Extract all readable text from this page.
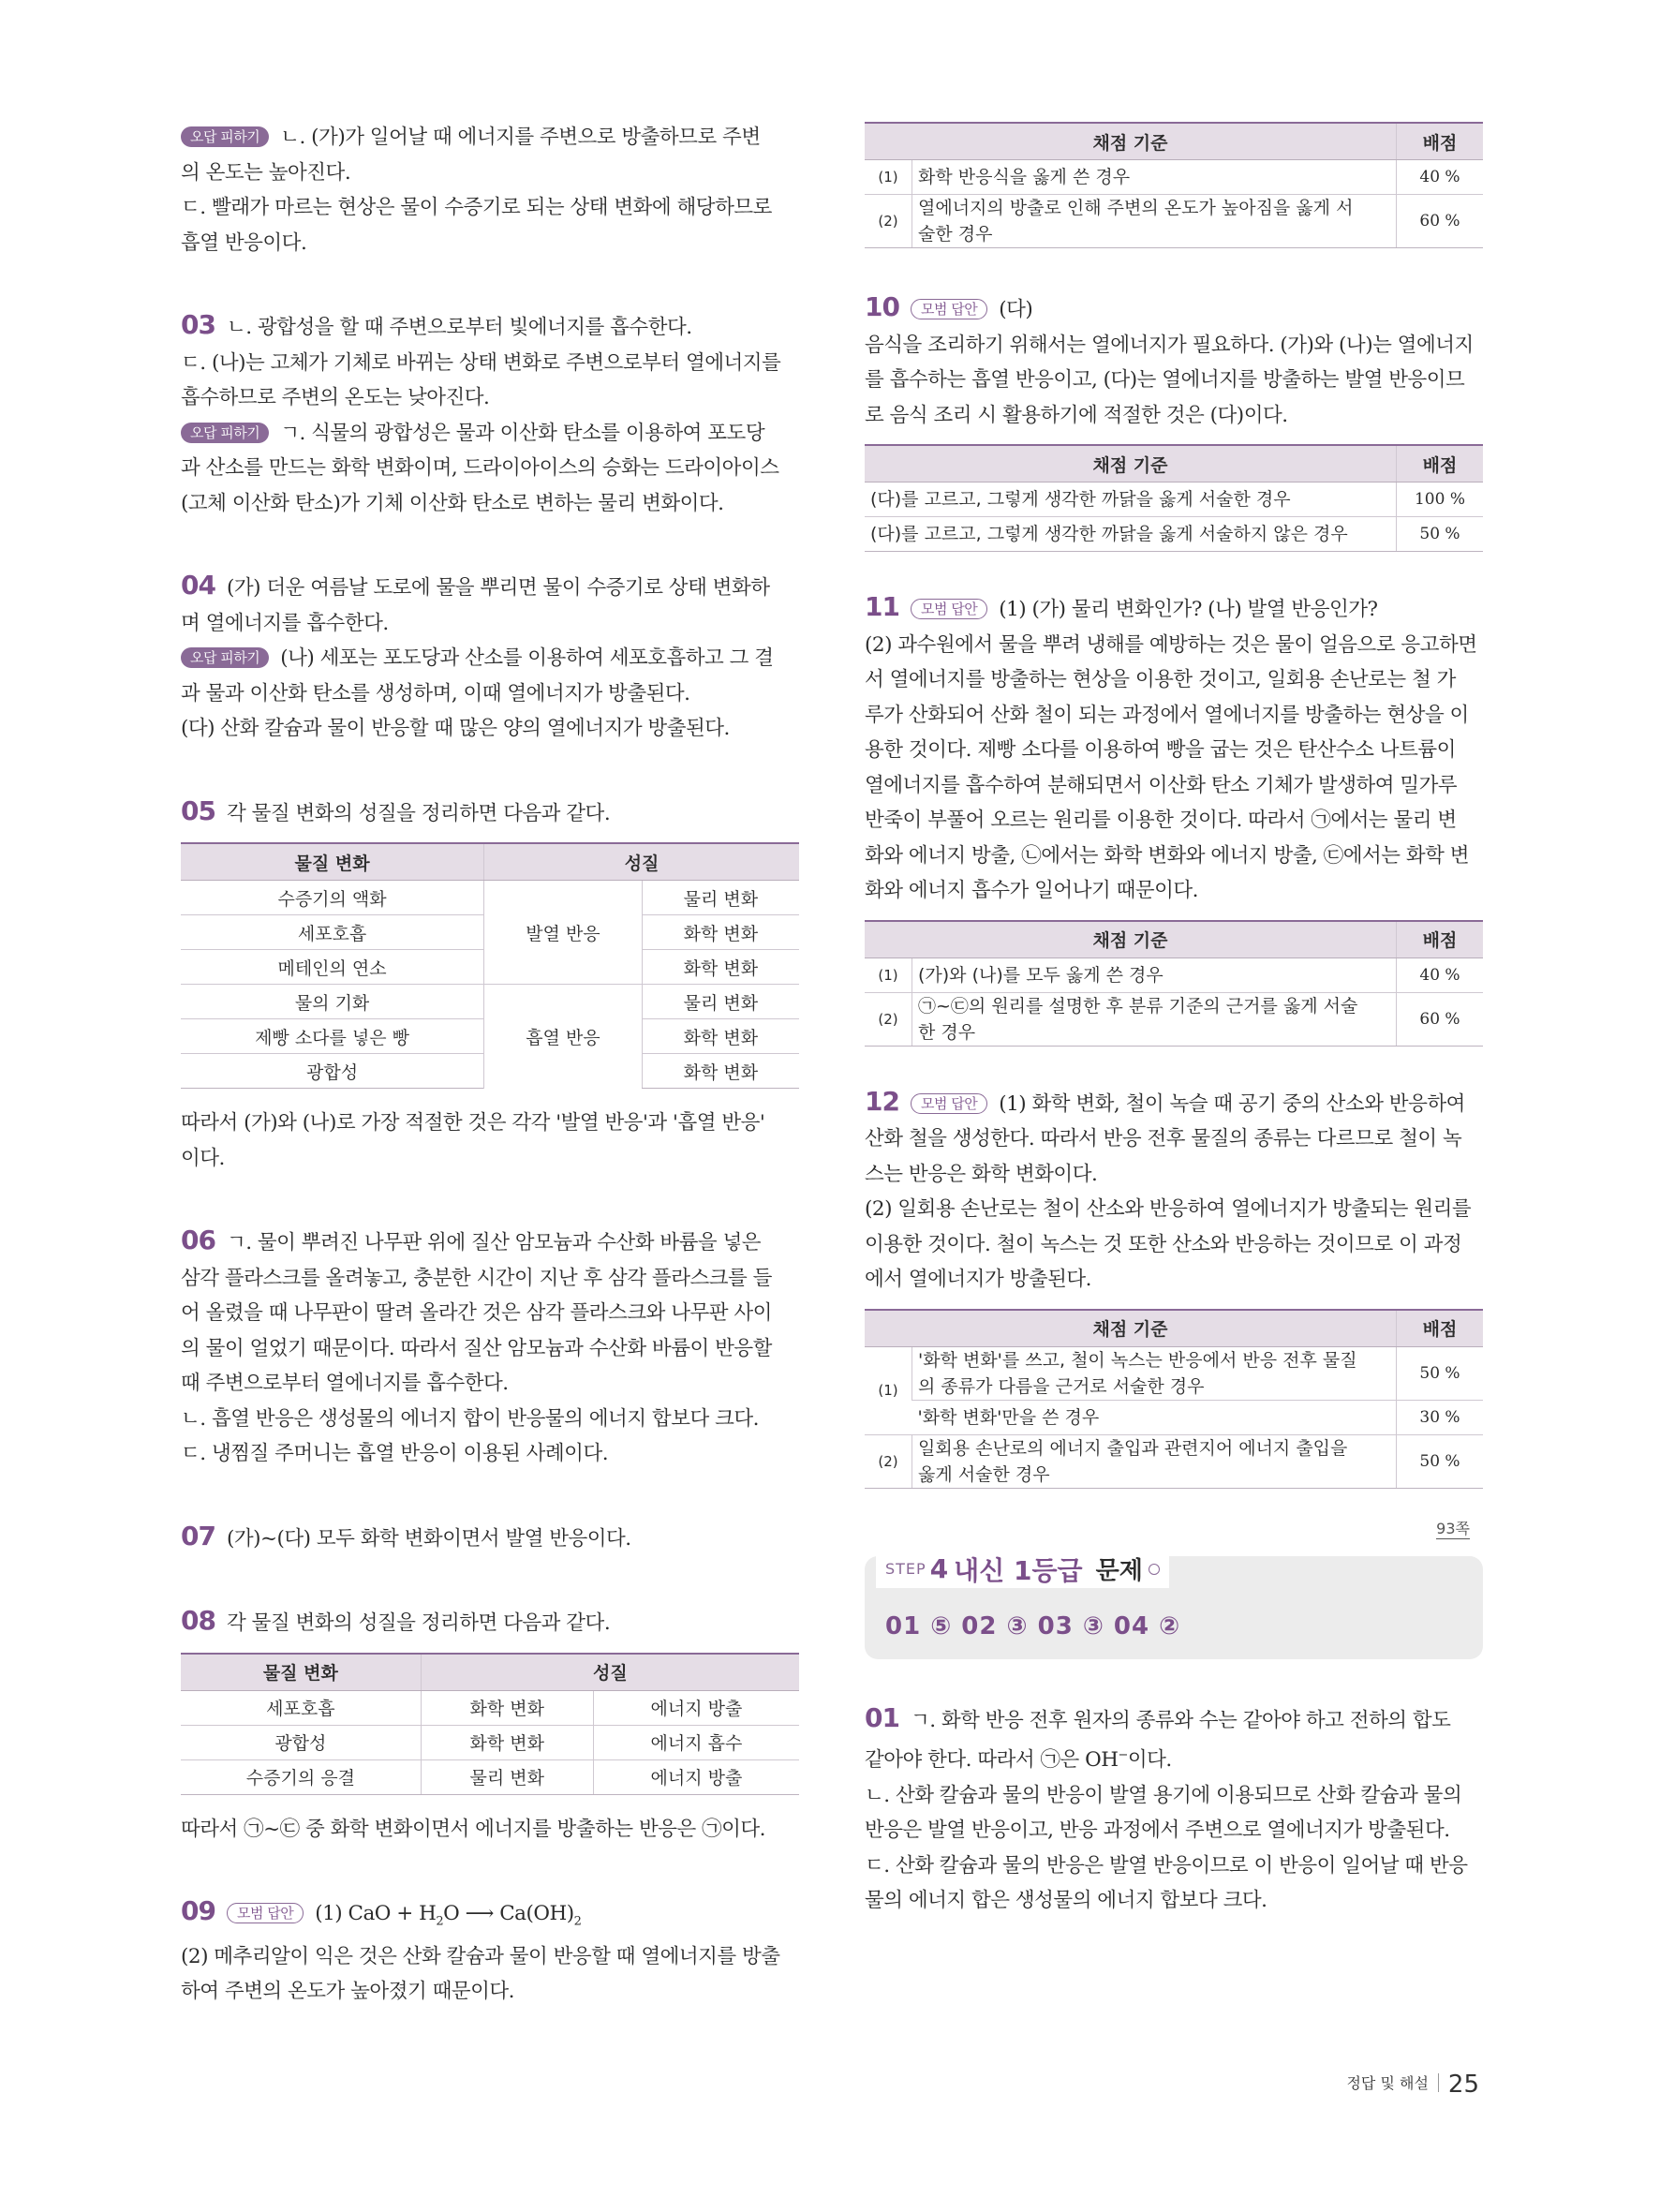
오답 피하기 ㄴ. (가)가 일어날 때 에너지를 주변으로 방출하므로 주변

의 온도는 높아진다.

ㄷ. 빨래가 마르는 현상은 물이 수증기로 되는 상태 변화에 해당하므로

흡열 반응이다.

03 ㄴ. 광합성을 할 때 주변으로부터 빛에너지를 흡수한다.

ㄷ. (나)는 고체가 기체로 바뀌는 상태 변화로 주변으로부터 열에너지를

흡수하므로 주변의 온도는 낮아진다.

오답 피하기 ㄱ. 식물의 광합성은 물과 이산화 탄소를 이용하여 포도당

과 산소를 만드는 화학 변화이며, 드라이아이스의 승화는 드라이아이스

(고체 이산화 탄소)가 기체 이산화 탄소로 변하는 물리 변화이다.

04 (가) 더운 여름날 도로에 물을 뿌리면 물이 수증기로 상태 변화하

며 열에너지를 흡수한다.

오답 피하기 (나) 세포는 포도당과 산소를 이용하여 세포호흡하고 그 결

과 물과 이산화 탄소를 생성하며, 이때 열에너지가 방출된다.

(다) 산화 칼슘과 물이 반응할 때 많은 양의 열에너지가 방출된다.

05 각 물질 변화의 성질을 정리하면 다음과 같다.

물질 변화	성질	
수증기의 액화	발열 반응	물리 변화
세포호흡		화학 변화
메테인의 연소		화학 변화
물의 기화	흡열 반응	물리 변화
제빵 소다를 넣은 빵		화학 변화
광합성		화학 변화

따라서 (가)와 (나)로 가장 적절한 것은 각각 '발열 반응'과 '흡열 반응'

이다.

06 ㄱ. 물이 뿌려진 나무판 위에 질산 암모늄과 수산화 바륨을 넣은

삼각 플라스크를 올려놓고, 충분한 시간이 지난 후 삼각 플라스크를 들

어 올렸을 때 나무판이 딸려 올라간 것은 삼각 플라스크와 나무판 사이

의 물이 얼었기 때문이다. 따라서 질산 암모늄과 수산화 바륨이 반응할

때 주변으로부터 열에너지를 흡수한다.

ㄴ. 흡열 반응은 생성물의 에너지 합이 반응물의 에너지 합보다 크다.

ㄷ. 냉찜질 주머니는 흡열 반응이 이용된 사례이다.

07 (가)~(다) 모두 화학 변화이면서 발열 반응이다.

08 각 물질 변화의 성질을 정리하면 다음과 같다.

물질 변화	성질	
세포호흡	화학 변화	에너지 방출
광합성	화학 변화	에너지 흡수
수증기의 응결	물리 변화	에너지 방출

따라서 ㉠~㉢ 중 화학 변화이면서 에너지를 방출하는 반응은 ㉠이다.

09 모범 답안 (1) CaO + $H_2O$ ⟶ $Ca(OH)_2$

(2) 메추리알이 익은 것은 산화 칼슘과 물이 반응할 때 열에너지를 방출

하여 주변의 온도가 높아졌기 때문이다.

채점 기준		배점
(1)	화학 반응식을 옳게 쓴 경우	40 %
(2)	열에너지의 방출로 인해 주변의 온도가 높아짐을 옳게 서
술한 경우	60 %

10 모범 답안 (다)

음식을 조리하기 위해서는 열에너지가 필요하다. (가)와 (나)는 열에너지

를 흡수하는 흡열 반응이고, (다)는 열에너지를 방출하는 발열 반응이므

로 음식 조리 시 활용하기에 적절한 것은 (다)이다.

채점 기준	배점
(다)를 고르고, 그렇게 생각한 까닭을 옳게 서술한 경우	100 %
(다)를 고르고, 그렇게 생각한 까닭을 옳게 서술하지 않은 경우	50 %

11 모범 답안 (1) (가) 물리 변화인가? (나) 발열 반응인가?

(2) 과수원에서 물을 뿌려 냉해를 예방하는 것은 물이 얼음으로 응고하면

서 열에너지를 방출하는 현상을 이용한 것이고, 일회용 손난로는 철 가

루가 산화되어 산화 철이 되는 과정에서 열에너지를 방출하는 현상을 이

용한 것이다. 제빵 소다를 이용하여 빵을 굽는 것은 탄산수소 나트륨이

열에너지를 흡수하여 분해되면서 이산화 탄소 기체가 발생하여 밀가루

반죽이 부풀어 오르는 원리를 이용한 것이다. 따라서 ㉠에서는 물리 변

화와 에너지 방출, ㉡에서는 화학 변화와 에너지 방출, ㉢에서는 화학 변

화와 에너지 흡수가 일어나기 때문이다.

채점 기준		배점
(1)	(가)와 (나)를 모두 옳게 쓴 경우	40 %
(2)	㉠~㉢의 원리를 설명한 후 분류 기준의 근거를 옳게 서술
한 경우	60 %

12 모범 답안 (1) 화학 변화, 철이 녹슬 때 공기 중의 산소와 반응하여

산화 철을 생성한다. 따라서 반응 전후 물질의 종류는 다르므로 철이 녹

스는 반응은 화학 변화이다.

(2) 일회용 손난로는 철이 산소와 반응하여 열에너지가 방출되는 원리를

이용한 것이다. 철이 녹스는 것 또한 산소와 반응하는 것이므로 이 과정

에서 열에너지가 방출된다.

채점 기준		배점
(1)	'화학 변화'를 쓰고, 철이 녹스는 반응에서 반응 전후 물질
의 종류가 다름을 근거로 서술한 경우	50 %
	'화학 변화'만을 쓴 경우	30 %
(2)	일회용 손난로의 에너지 출입과 관련지어 에너지 출입을
옳게 서술한 경우	50 %
93쪽
STEP 4 내신 1등급 문제
01 ⑤ 02 ③ 03 ③ 04 ②

01 ㄱ. 화학 반응 전후 원자의 종류와 수는 같아야 하고 전하의 합도

같아야 한다. 따라서 ㉠은 OH−이다.

ㄴ. 산화 칼슘과 물의 반응이 발열 용기에 이용되므로 산화 칼슘과 물의

반응은 발열 반응이고, 반응 과정에서 주변으로 열에너지가 방출된다.

ㄷ. 산화 칼슘과 물의 반응은 발열 반응이므로 이 반응이 일어날 때 반응

물의 에너지 합은 생성물의 에너지 합보다 크다.

정답 및 해설 25
